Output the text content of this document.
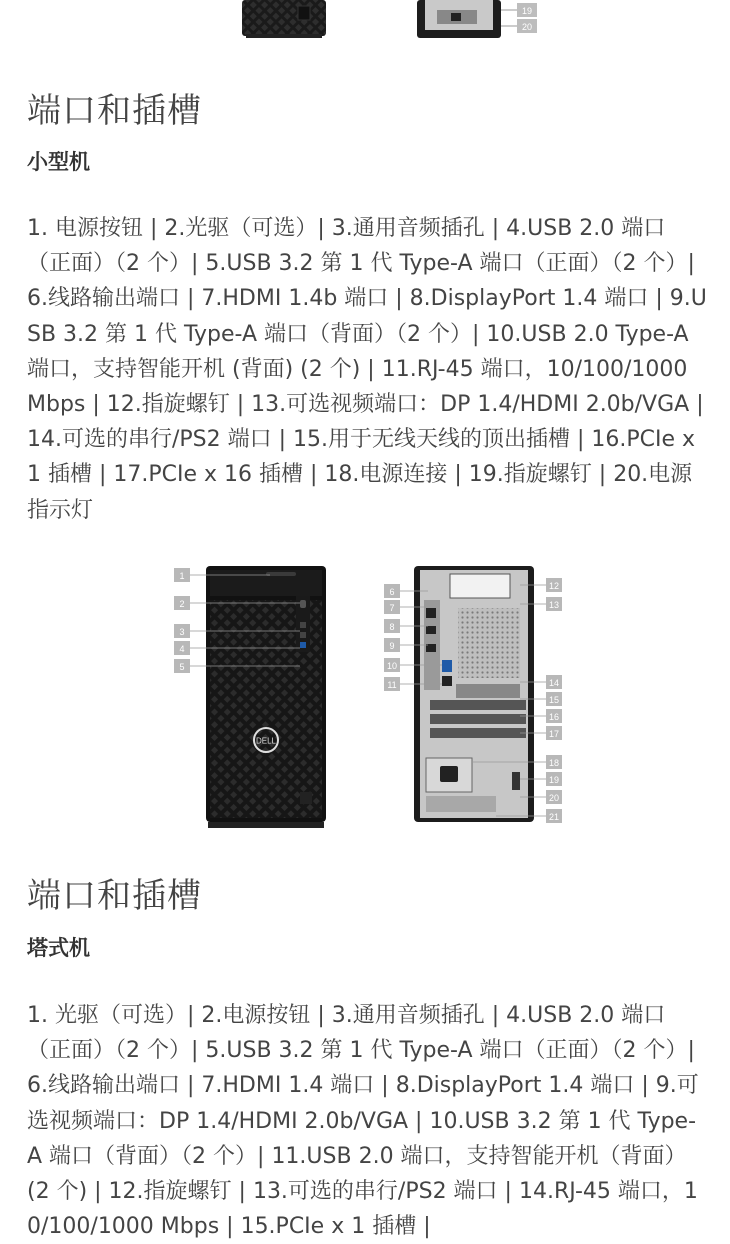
19
20
端口和插槽
小型机

1. 电源按钮 | 2.光驱（可选）| 3.通用音频插孔 | 4.USB 2.0 端口（正面）（2 个）| 5.USB 3.2 第 1 代 Type-A 端口（正面）（2 个）| 6.线路输出端口 | 7.HDMI 1.4b 端口 | 8.DisplayPort 1.4 端口 | 9.USB 3.2 第 1 代 Type-A 端口（背面）（2 个）| 10.USB 2.0 Type-A 端口，支持智能开机 (背面) (2 个) | 11.RJ-45 端口，10/100/1000 Mbps | 12.指旋螺钉 | 13.可选视频端口：DP 1.4/HDMI 2.0b/VGA | 14.可选的串行/PS2 端口 | 15.用于无线天线的顶出插槽 | 16.PCIe x 1 插槽 | 17.PCIe x 16 插槽 | 18.电源连接 | 19.指旋螺钉 | 20.电源指示灯

DELL
1
2
3
4
5
6
7
8
9
10
11
12
13
14
15
16
17
18
19
20
21
端口和插槽
塔式机

1. 光驱（可选）| 2.电源按钮 | 3.通用音频插孔 | 4.USB 2.0 端口（正面）（2 个）| 5.USB 3.2 第 1 代 Type-A 端口（正面）（2 个）| 6.线路输出端口 | 7.HDMI 1.4 端口 | 8.DisplayPort 1.4 端口 | 9.可选视频端口：DP 1.4/HDMI 2.0b/VGA | 10.USB 3.2 第 1 代 Type-A 端口（背面）（2 个）| 11.USB 2.0 端口，支持智能开机（背面）(2 个) | 12.指旋螺钉 | 13.可选的串行/PS2 端口 | 14.RJ-45 端口，10/100/1000 Mbps | 15.PCIe x 1 插槽 |
